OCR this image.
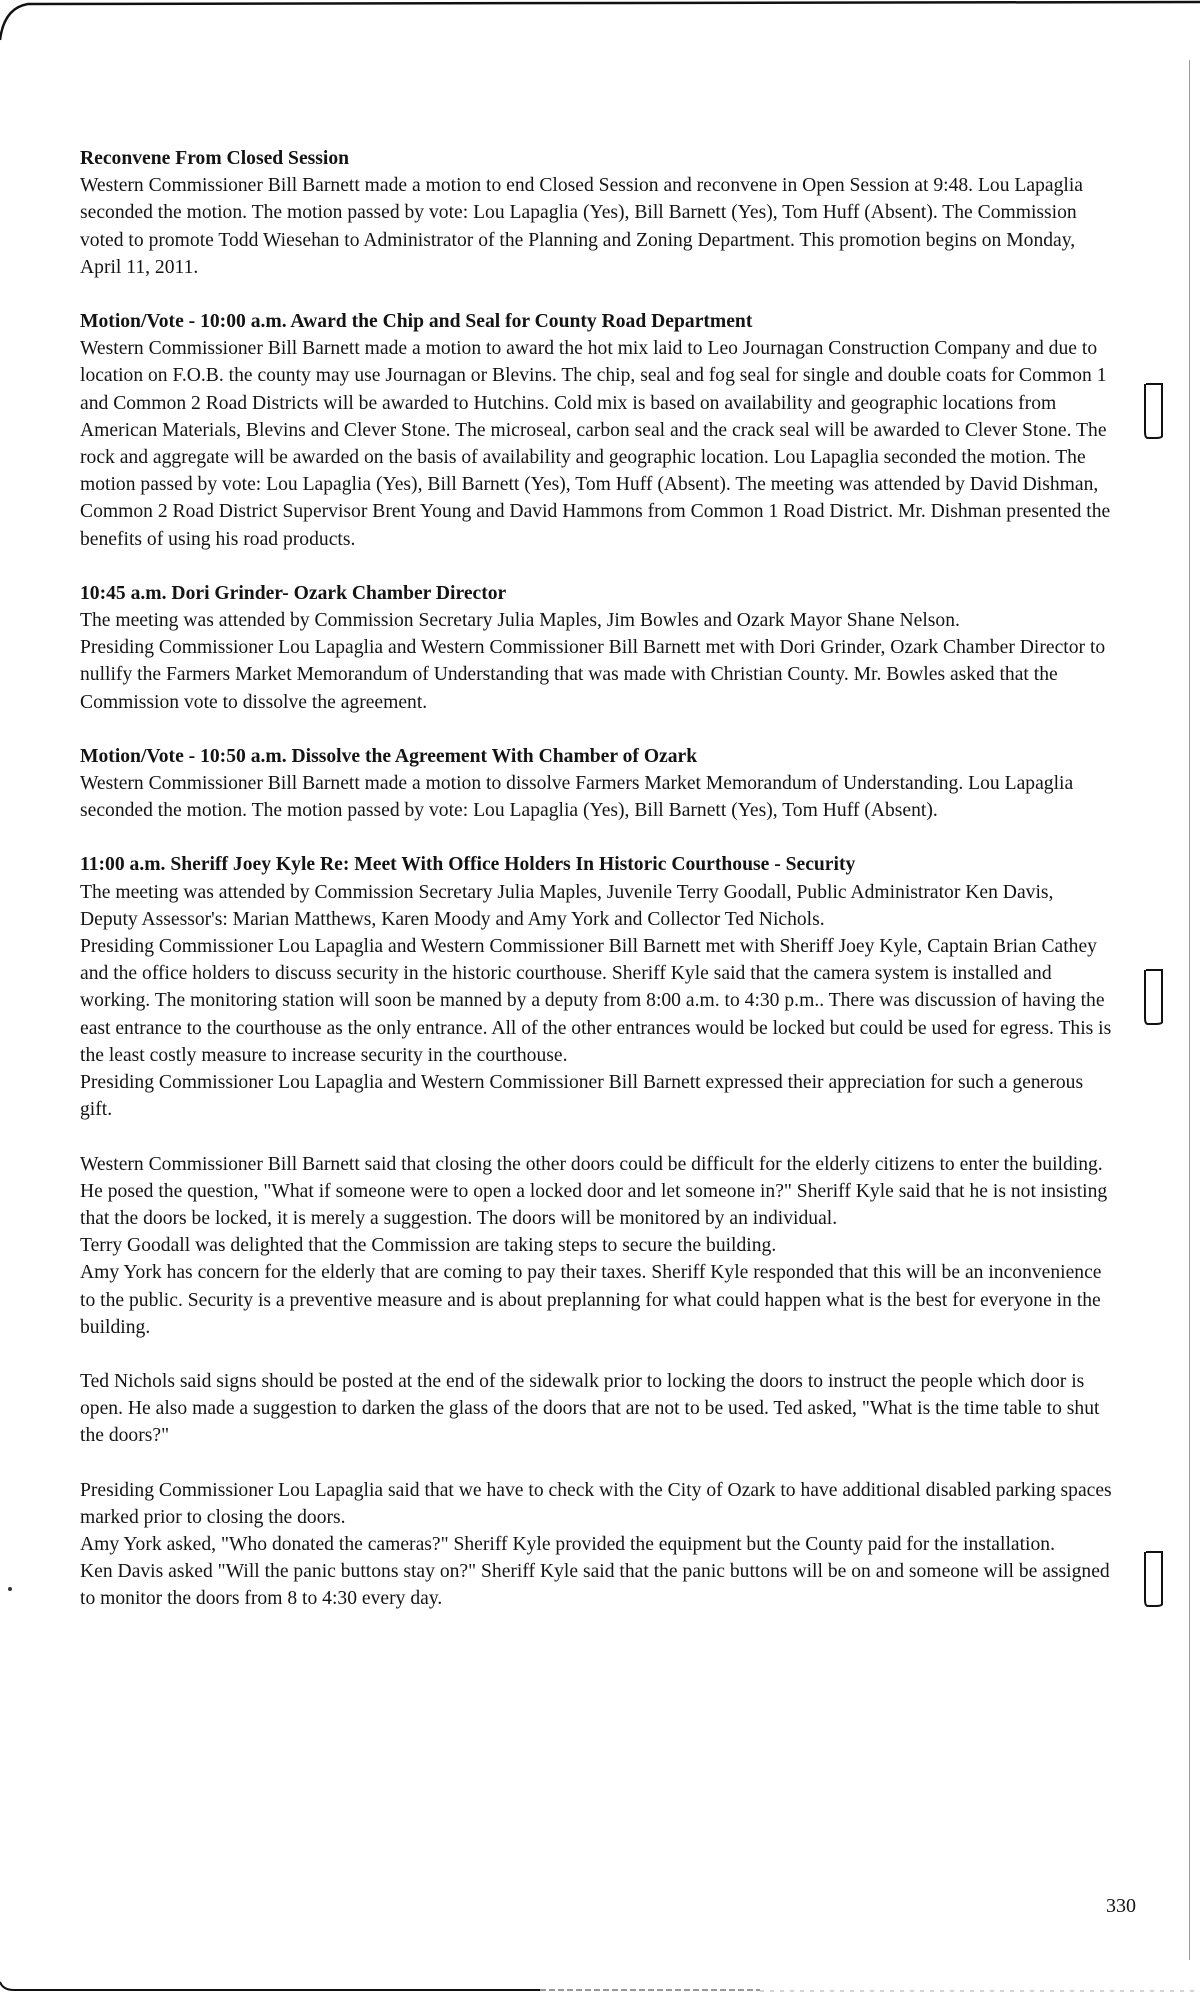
Reconvene From Closed Session

Western Commissioner Bill Barnett made a motion to end Closed Session and reconvene in Open Session at 9:48. Lou Lapaglia seconded the motion. The motion passed by vote: Lou Lapaglia (Yes), Bill Barnett (Yes), Tom Huff (Absent). The Commission voted to promote Todd Wiesehan to Administrator of the Planning and Zoning Department. This promotion begins on Monday, April 11, 2011.

Motion/Vote - 10:00 a.m. Award the Chip and Seal for County Road Department

Western Commissioner Bill Barnett made a motion to award the hot mix laid to Leo Journagan Construction Company and due to location on F.O.B. the county may use Journagan or Blevins. The chip, seal and fog seal for single and double coats for Common 1 and Common 2 Road Districts will be awarded to Hutchins. Cold mix is based on availability and geographic locations from American Materials, Blevins and Clever Stone. The microseal, carbon seal and the crack seal will be awarded to Clever Stone. The rock and aggregate will be awarded on the basis of availability and geographic location. Lou Lapaglia seconded the motion. The motion passed by vote: Lou Lapaglia (Yes), Bill Barnett (Yes), Tom Huff (Absent). The meeting was attended by David Dishman, Common 2 Road District Supervisor Brent Young and David Hammons from Common 1 Road District. Mr. Dishman presented the benefits of using his road products.

10:45 a.m. Dori Grinder- Ozark Chamber Director

The meeting was attended by Commission Secretary Julia Maples, Jim Bowles and Ozark Mayor Shane Nelson.

Presiding Commissioner Lou Lapaglia and Western Commissioner Bill Barnett met with Dori Grinder, Ozark Chamber Director to nullify the Farmers Market Memorandum of Understanding that was made with Christian County. Mr. Bowles asked that the Commission vote to dissolve the agreement.

Motion/Vote - 10:50 a.m. Dissolve the Agreement With Chamber of Ozark

Western Commissioner Bill Barnett made a motion to dissolve Farmers Market Memorandum of Understanding. Lou Lapaglia seconded the motion. The motion passed by vote: Lou Lapaglia (Yes), Bill Barnett (Yes), Tom Huff (Absent).

11:00 a.m. Sheriff Joey Kyle Re: Meet With Office Holders In Historic Courthouse - Security

The meeting was attended by Commission Secretary Julia Maples, Juvenile Terry Goodall, Public Administrator Ken Davis, Deputy Assessor's: Marian Matthews, Karen Moody and Amy York and Collector Ted Nichols.

Presiding Commissioner Lou Lapaglia and Western Commissioner Bill Barnett met with Sheriff Joey Kyle, Captain Brian Cathey and the office holders to discuss security in the historic courthouse. Sheriff Kyle said that the camera system is installed and working. The monitoring station will soon be manned by a deputy from 8:00 a.m. to 4:30 p.m.. There was discussion of having the east entrance to the courthouse as the only entrance. All of the other entrances would be locked but could be used for egress. This is the least costly measure to increase security in the courthouse.

Presiding Commissioner Lou Lapaglia and Western Commissioner Bill Barnett expressed their appreciation for such a generous gift.

Western Commissioner Bill Barnett said that closing the other doors could be difficult for the elderly citizens to enter the building. He posed the question, "What if someone were to open a locked door and let someone in?" Sheriff Kyle said that he is not insisting that the doors be locked, it is merely a suggestion. The doors will be monitored by an individual.

Terry Goodall was delighted that the Commission are taking steps to secure the building.

Amy York has concern for the elderly that are coming to pay their taxes. Sheriff Kyle responded that this will be an inconvenience to the public. Security is a preventive measure and is about preplanning for what could happen what is the best for everyone in the building.

Ted Nichols said signs should be posted at the end of the sidewalk prior to locking the doors to instruct the people which door is open. He also made a suggestion to darken the glass of the doors that are not to be used. Ted asked, "What is the time table to shut the doors?"

Presiding Commissioner Lou Lapaglia said that we have to check with the City of Ozark to have additional disabled parking spaces marked prior to closing the doors.

Amy York asked, "Who donated the cameras?" Sheriff Kyle provided the equipment but the County paid for the installation.

Ken Davis asked "Will the panic buttons stay on?" Sheriff Kyle said that the panic buttons will be on and someone will be assigned to monitor the doors from 8 to 4:30 every day.

330
